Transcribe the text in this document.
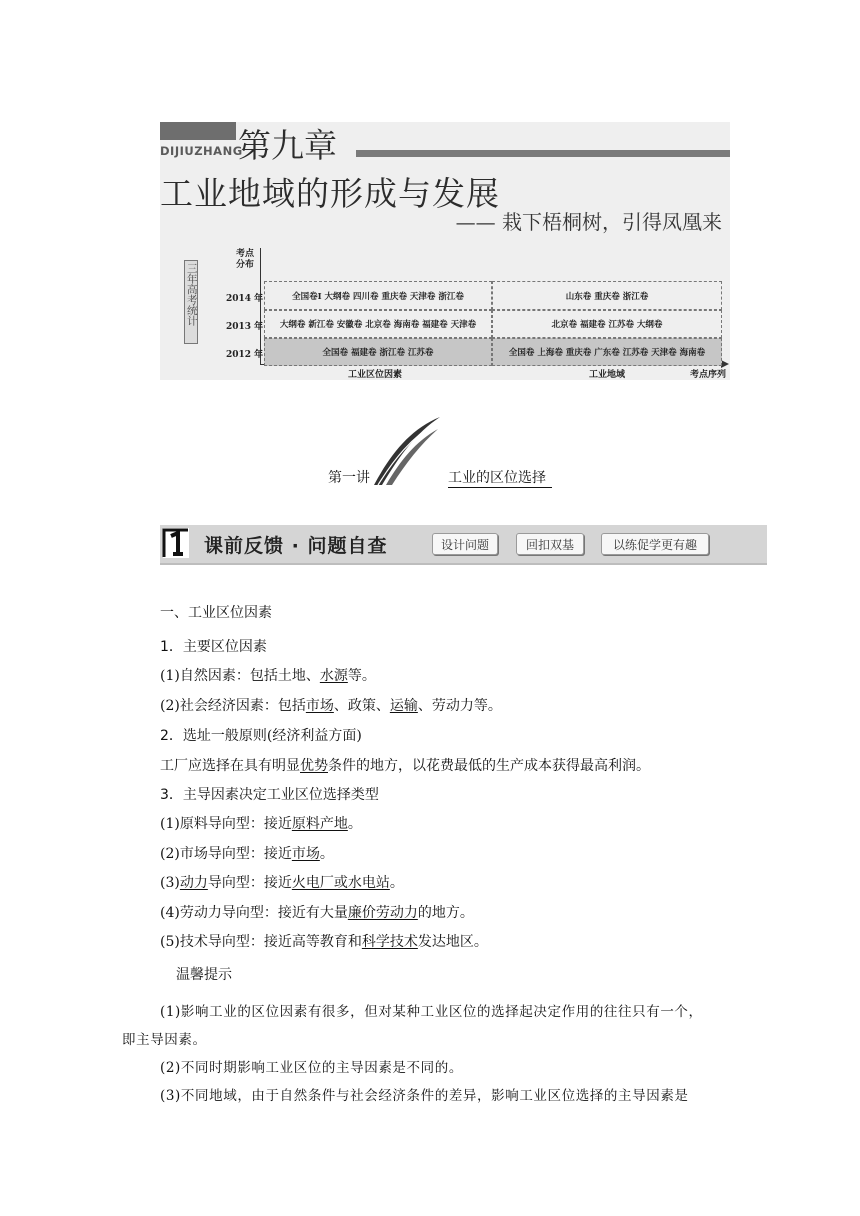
DIJIUZHANG
第九章
工业地域的形成与发展
—— 栽下梧桐树，引得凤凰来
三年高考统计
考点
分布
2014 年
2013 年
2012 年
全国卷Ⅰ 大纲卷 四川卷 重庆卷 天津卷 浙江卷	山东卷 重庆卷 浙江卷
大纲卷 新江卷 安徽卷 北京卷 海南卷 福建卷 天津卷	北京卷 福建卷 江苏卷 大纲卷
全国卷 福建卷 浙江卷 江苏卷	全国卷 上海卷 重庆卷 广东卷 江苏卷 天津卷 海南卷
工业区位因素	工业地域	考点序列
第一讲	工业的区位选择
课前反馈 · 问题自查	设计问题	回扣双基	以练促学更有趣
一、工业区位因素
1．主要区位因素
(1)自然因素：包括土地、水源等。
(2)社会经济因素：包括市场、政策、运输、劳动力等。
2．选址一般原则(经济利益方面)
工厂应选择在具有明显优势条件的地方，以花费最低的生产成本获得最高利润。
3．主导因素决定工业区位选择类型
(1)原料导向型：接近原料产地。
(2)市场导向型：接近市场。
(3)动力导向型：接近火电厂或水电站。
(4)劳动力导向型：接近有大量廉价劳动力的地方。
(5)技术导向型：接近高等教育和科学技术发达地区。
温馨提示
(1)影响工业的区位因素有很多，但对某种工业区位的选择起决定作用的往往只有一个，
即主导因素。
(2)不同时期影响工业区位的主导因素是不同的。
(3)不同地域，由于自然条件与社会经济条件的差异，影响工业区位选择的主导因素是
